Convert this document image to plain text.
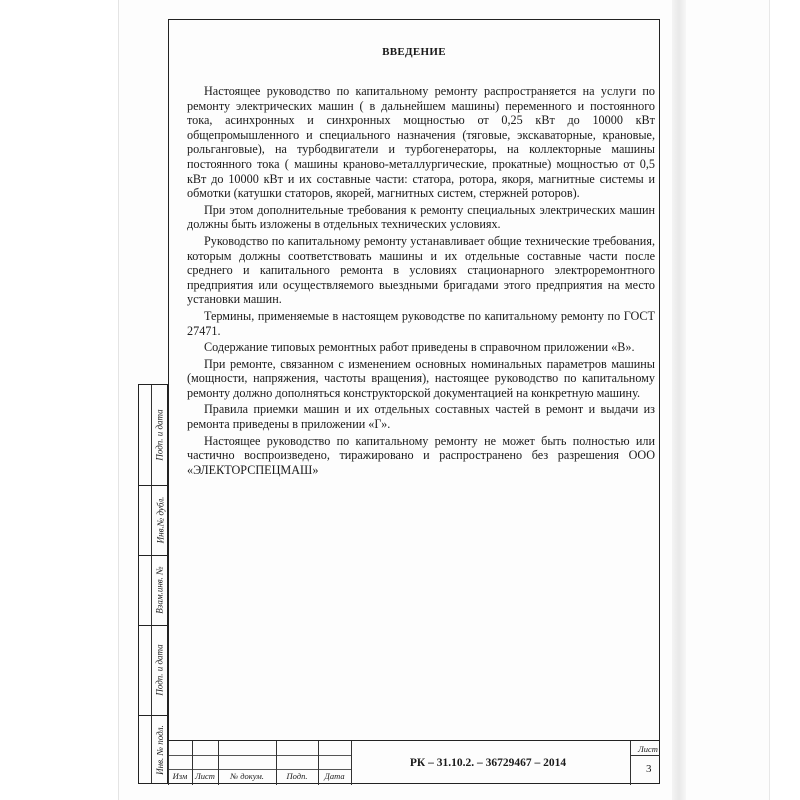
ВВЕДЕНИЕ

Настоящее руководство по капитальному ремонту распространяется на услуги по ремонту электрических машин ( в дальнейшем машины) переменного и постоянного тока, асинхронных и синхронных мощностью от 0,25 кВт до 10000 кВт общепромышленного и специального назначения (тяговые, экскаваторные, крановые, рольганговые), на турбодвигатели и турбогенераторы, на коллекторные машины постоянного тока ( машины краново-металлургические, прокатные) мощностью от 0,5 кВт до 10000 кВт и их составные части: статора, ротора, якоря, магнитные системы и обмотки (катушки статоров, якорей, магнитных систем, стержней роторов).

При этом дополнительные требования к ремонту специальных электрических машин должны быть изложены в отдельных технических условиях.

Руководство по капитальному ремонту устанавливает общие технические требования, которым должны соответствовать машины и их отдельные составные части после среднего и капитального ремонта в условиях стационарного электроремонтного предприятия или осуществляемого выездными бригадами этого предприятия на место установки машин.

Термины, применяемые в настоящем руководстве по капитальному ремонту по ГОСТ 27471.

Содержание типовых ремонтных работ приведены в справочном приложении «В».

При ремонте, связанном с изменением основных номинальных параметров машины (мощности, напряжения, частоты вращения), настоящее руководство по капитальному ремонту должно дополняться конструкторской документацией на конкретную машину.

Правила приемки машин и их отдельных составных частей в ремонт и выдачи из ремонта приведены в приложении «Г».

Настоящее руководство по капитальному ремонту не может быть полностью или частично воспроизведено, тиражировано и распространено без разрешения ООО «ЭЛЕКТОРСПЕЦМАШ»

Подп. и дата
Инв.№ дубл.
Взам.инв. №
Подп. и дата
Инв. № подл.
Изм Лист	№ докум.	Подп.	Дата
РК – 31.10.2. – 36729467 – 2014
Лист
3
